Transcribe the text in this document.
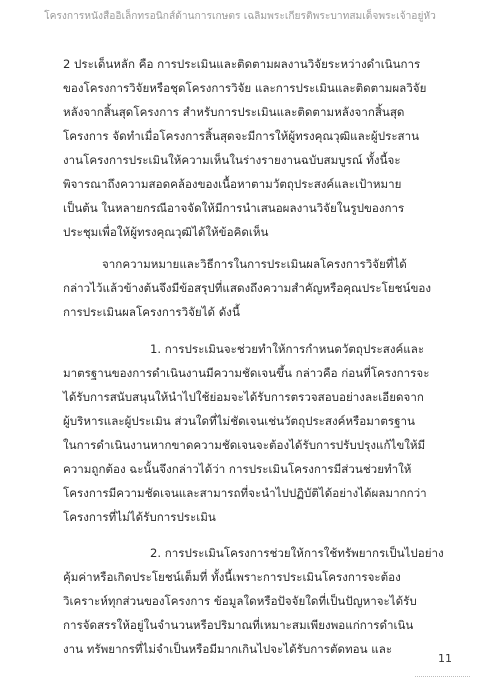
โครงการหนังสืออิเล็กทรอนิกส์ด้านการเกษตร เฉลิมพระเกียรติพระบาทสมเด็จพระเจ้าอยู่หัว
2 ประเด็นหลัก คือ การประเมินและติดตามผลงานวิจัยระหว่างดำเนินการ
ของโครงการวิจัยหรือชุดโครงการวิจัย และการประเมินและติดตามผลวิจัย
หลังจากสิ้นสุดโครงการ สำหรับการประเมินและติดตามหลังจากสิ้นสุด
โครงการ จัดทำเมื่อโครงการสิ้นสุดจะมีการให้ผู้ทรงคุณวุฒิและผู้ประสาน
งานโครงการประเมินให้ความเห็นในร่างรายงานฉบับสมบูรณ์ ทั้งนี้จะ
พิจารณาถึงความสอดคล้องของเนื้อหาตามวัตถุประสงค์และเป้าหมาย
เป็นต้น ในหลายกรณีอาจจัดให้มีการนำเสนอผลงานวิจัยในรูปของการ
ประชุมเพื่อให้ผู้ทรงคุณวุฒิได้ให้ข้อคิดเห็น
จากความหมายและวิธีการในการประเมินผลโครงการวิจัยที่ได้
กล่าวไว้แล้วข้างต้นจึงมีข้อสรุปที่แสดงถึงความสำคัญหรือคุณประโยชน์ของ
การประเมินผลโครงการวิจัยได้ ดังนี้
1. การประเมินจะช่วยทำให้การกำหนดวัตถุประสงค์และ
มาตรฐานของการดำเนินงานมีความชัดเจนขึ้น กล่าวคือ ก่อนที่โครงการจะ
ได้รับการสนับสนุนให้นำไปใช้ย่อมจะได้รับการตรวจสอบอย่างละเอียดจาก
ผู้บริหารและผู้ประเมิน ส่วนใดที่ไม่ชัดเจนเช่นวัตถุประสงค์หรือมาตรฐาน
ในการดำเนินงานหากขาดความชัดเจนจะต้องได้รับการปรับปรุงแก้ไขให้มี
ความถูกต้อง ฉะนั้นจึงกล่าวได้ว่า การประเมินโครงการมีส่วนช่วยทำให้
โครงการมีความชัดเจนและสามารถที่จะนำไปปฏิบัติได้อย่างได้ผลมากกว่า
โครงการที่ไม่ได้รับการประเมิน
2. การประเมินโครงการช่วยให้การใช้ทรัพยากรเป็นไปอย่าง
คุ้มค่าหรือเกิดประโยชน์เต็มที่ ทั้งนี้เพราะการประเมินโครงการจะต้อง
วิเคราะห์ทุกส่วนของโครงการ ข้อมูลใดหรือปัจจัยใดที่เป็นปัญหาจะได้รับ
การจัดสรรให้อยู่ในจำนวนหรือปริมาณที่เหมาะสมเพียงพอแก่การดำเนิน
งาน ทรัพยากรที่ไม่จำเป็นหรือมีมากเกินไปจะได้รับการตัดทอน และ
11
